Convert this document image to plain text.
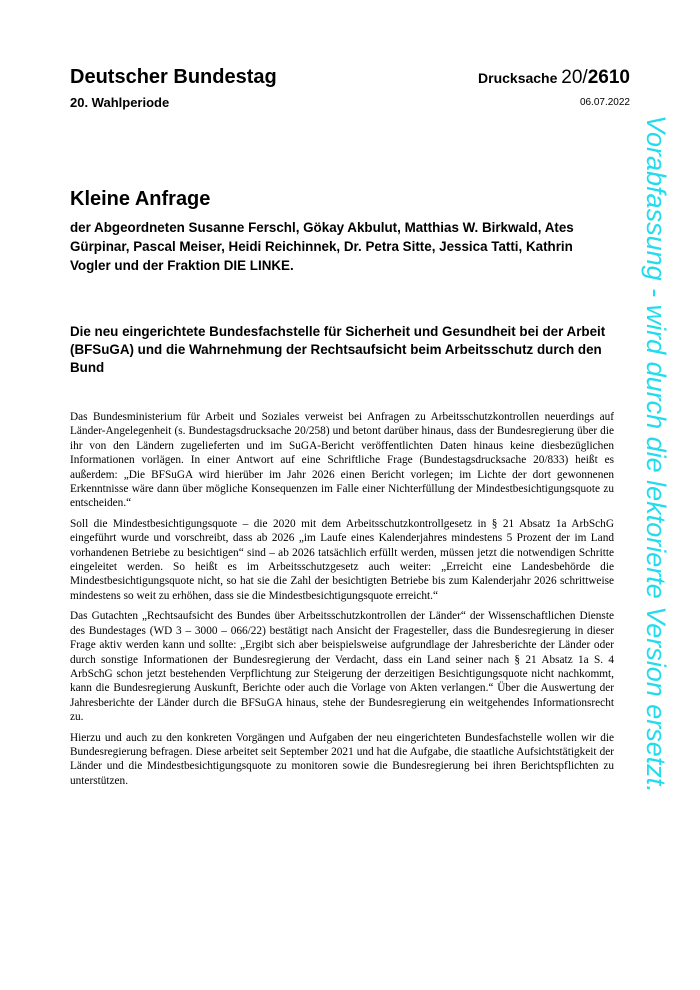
Deutscher Bundestag
20. Wahlperiode
Drucksache 20/2610
06.07.2022
Kleine Anfrage
der Abgeordneten Susanne Ferschl, Gökay Akbulut, Matthias W. Birkwald, Ates Gürpinar, Pascal Meiser, Heidi Reichinnek, Dr. Petra Sitte, Jessica Tatti, Kathrin Vogler und der Fraktion DIE LINKE.
Die neu eingerichtete Bundesfachstelle für Sicherheit und Gesundheit bei der Arbeit (BFSuGA) und die Wahrnehmung der Rechtsaufsicht beim Arbeitsschutz durch den Bund

Das Bundesministerium für Arbeit und Soziales verweist bei Anfragen zu Arbeitsschutzkontrollen neuerdings auf Länder-Angelegenheit (s. Bundestagsdrucksache 20/258) und betont darüber hinaus, dass der Bundesregierung über die ihr von den Ländern zugelieferten und im SuGA-Bericht veröffentlichten Daten hinaus keine diesbezüglichen Informationen vorlägen. In einer Antwort auf eine Schriftliche Frage (Bundestagsdrucksache 20/833) heißt es außerdem: „Die BFSuGA wird hierüber im Jahr 2026 einen Bericht vorlegen; im Lichte der dort gewonnenen Erkenntnisse wäre dann über mögliche Konsequenzen im Falle einer Nichterfüllung der Mindestbesichtigungsquote zu entscheiden.“

Soll die Mindestbesichtigungsquote – die 2020 mit dem Arbeitsschutzkontrollgesetz in § 21 Absatz 1a ArbSchG eingeführt wurde und vorschreibt, dass ab 2026 „im Laufe eines Kalenderjahres mindestens 5 Prozent der im Land vorhandenen Betriebe zu besichtigen“ sind – ab 2026 tatsächlich erfüllt werden, müssen jetzt die notwendigen Schritte eingeleitet werden. So heißt es im Arbeitsschutzgesetz auch weiter: „Erreicht eine Landesbehörde die Mindestbesichtigungsquote nicht, so hat sie die Zahl der besichtigten Betriebe bis zum Kalenderjahr 2026 schrittweise mindestens so weit zu erhöhen, dass sie die Mindestbesichtigungsquote erreicht.“

Das Gutachten „Rechtsaufsicht des Bundes über Arbeitsschutzkontrollen der Länder“ der Wissenschaftlichen Dienste des Bundestages (WD 3 – 3000 – 066/22) bestätigt nach Ansicht der Fragesteller, dass die Bundesregierung in dieser Frage aktiv werden kann und sollte: „Ergibt sich aber beispielsweise aufgrundlage der Jahresberichte der Länder oder durch sonstige Informationen der Bundesregierung der Verdacht, dass ein Land seiner nach § 21 Absatz 1a S. 4 ArbSchG schon jetzt bestehenden Verpflichtung zur Steigerung der derzeitigen Besichtigungsquote nicht nachkommt, kann die Bundesregierung Auskunft, Berichte oder auch die Vorlage von Akten verlangen.“ Über die Auswertung der Jahresberichte der Länder durch die BFSuGA hinaus, stehe der Bundesregierung ein weitgehendes Informationsrecht zu.

Hierzu und auch zu den konkreten Vorgängen und Aufgaben der neu eingerichteten Bundesfachstelle wollen wir die Bundesregierung befragen. Diese arbeitet seit September 2021 und hat die Aufgabe, die staatliche Aufsichtstätigkeit der Länder und die Mindestbesichtigungsquote zu monitoren sowie die Bundesregierung bei ihren Berichtspflichten zu unterstützen.	Vorabfassung - wird durch die lektorierte Version ersetzt.
